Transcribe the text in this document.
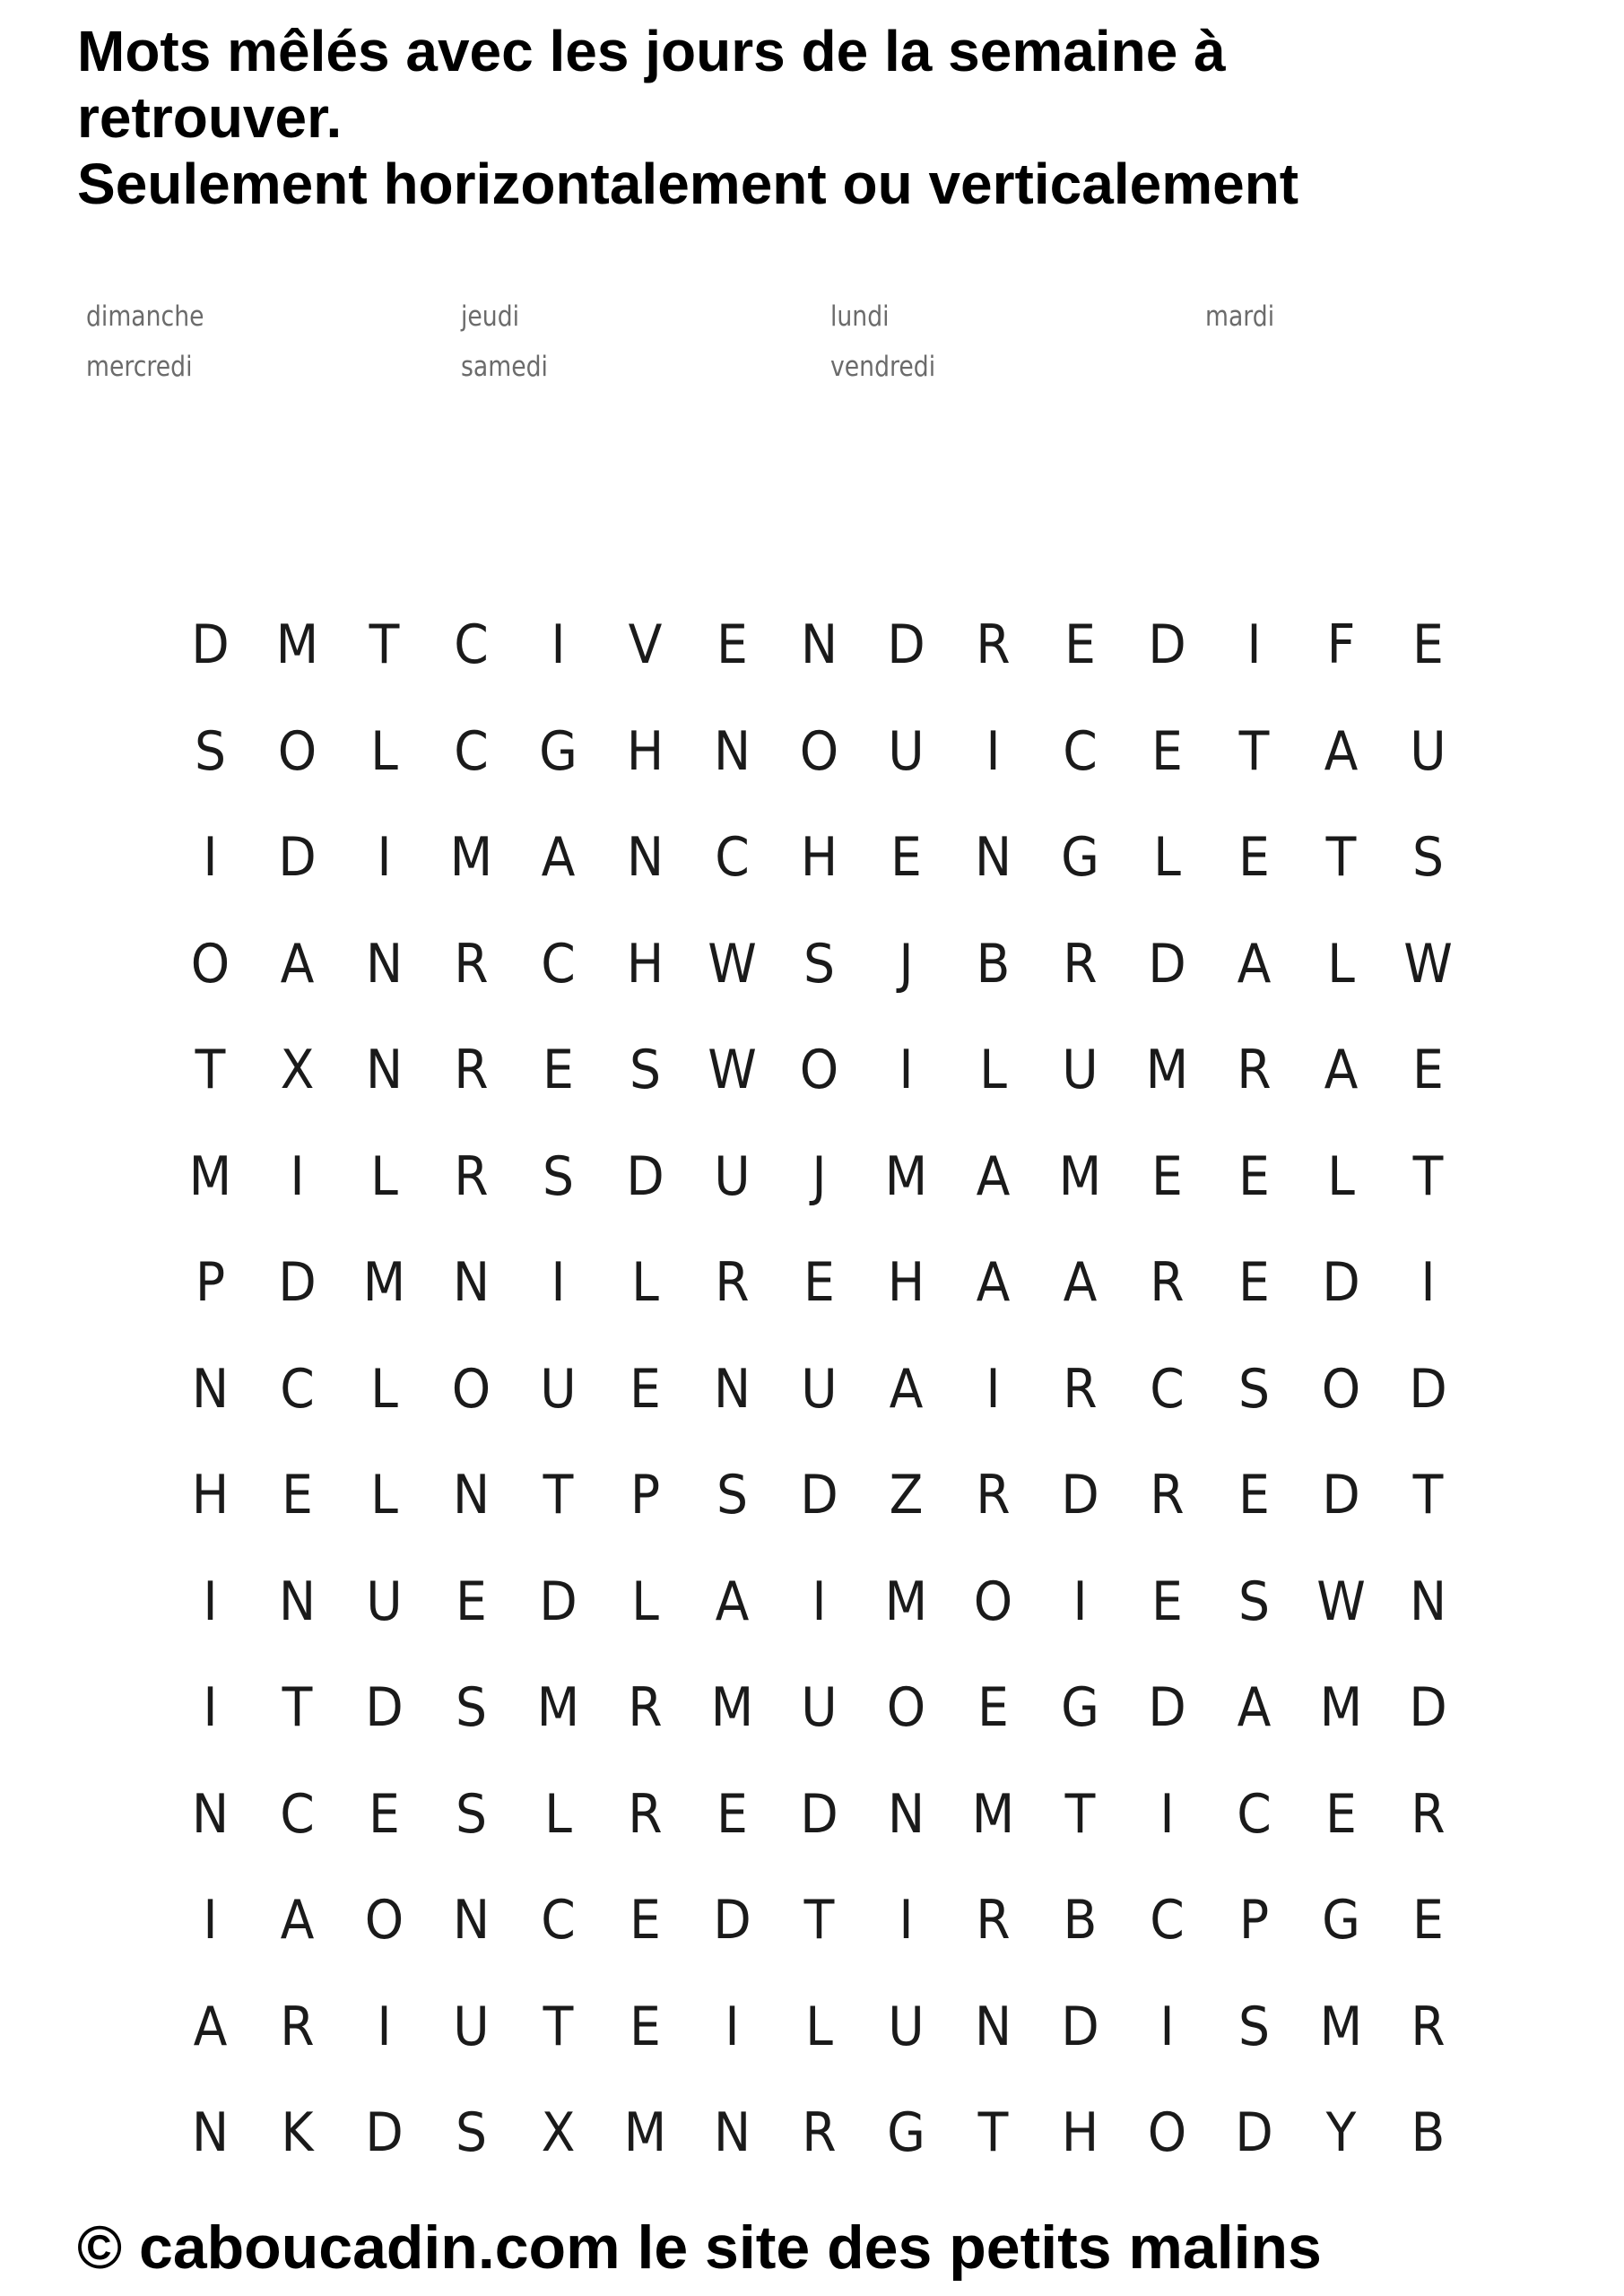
Mots mêlés avec les jours de la semaine à
retrouver.
Seulement horizontalement ou verticalement
dimanche	jeudi	lundi	mardi
mercredi	samedi	vendredi
D M T	C	I	V	E N D R	E D	I	F	E
S O L	C G H N O U	I	C	E	T	A U
I	D	I	M A N C H E N G	L	E	T	S
O A N R C H W S	J	B R D A	L W
T	X N R	E	S W O	I	L	U M R A	E
M	I	L	R	S D U	J	M A M E	E	L	T
P D M N	I	L	R	E H A A R	E D	I
N C	L O U E N U A	I	R C	S O D
H E	L	N T	P	S D Z R D R	E D T
I	N U E D	L	A	I	M O	I	E	S W N
I	T D S M R M U O E G D A M D
N C	E	S	L	R	E D N M T	I	C	E	R
I	A O N C	E D T	I	R B C	P G E
A R	I	U T	E	I	L	U N D	I	S M R
N K D S	X M N R G T H O D Y	B
© caboucadin.com le site des petits malins
